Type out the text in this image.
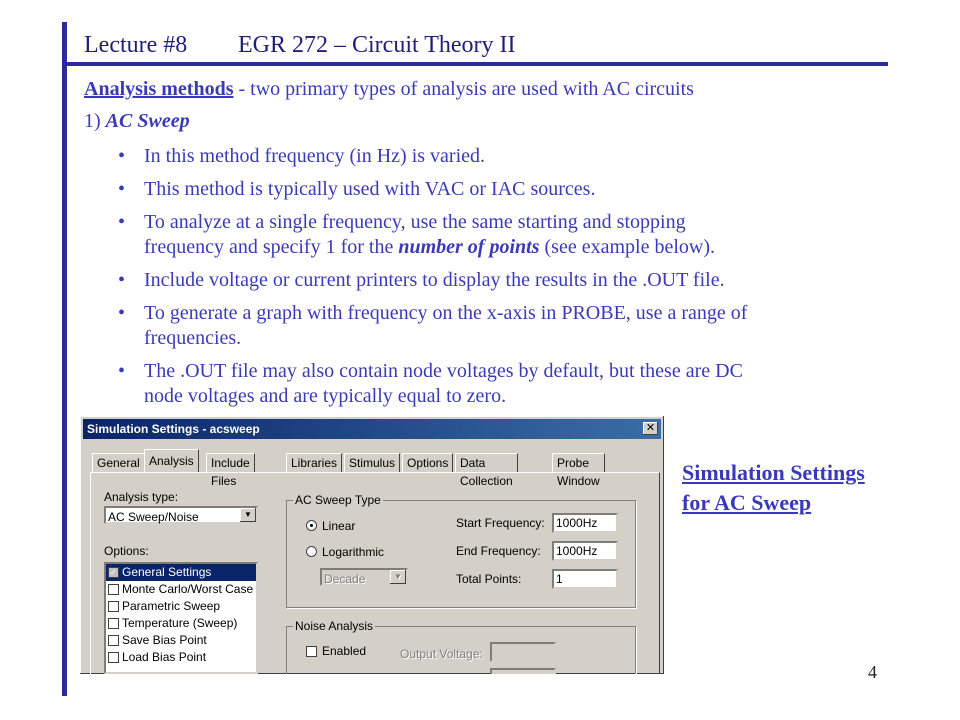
Lecture #8 EGR 272 – Circuit Theory II
Analysis methods - two primary types of analysis are used with AC circuits
1) AC Sweep
• In this method frequency (in Hz) is varied.
• This method is typically used with VAC or IAC sources.
• To analyze at a single frequency, use the same starting and stopping
frequency and specify 1 for the number of points (see example below).
• Include voltage or current printers to display the results in the .OUT file.
• To generate a graph with frequency on the x-axis in PROBE, use a range of
frequencies.
• The .OUT file may also contain node voltages by default, but these are DC
node voltages and are typically equal to zero.
Simulation Settings
for AC Sweep
Simulation Settings - acsweep	✕
General Analysis	Include Files
Libraries Stimulus Options Data Collection
Probe Window
Analysis type:
AC Sweep/Noise	▼
Options:
✓ General Settings
Monte Carlo/Worst Case
Parametric Sweep
Temperature (Sweep)
Save Bias Point
Load Bias Point
AC Sweep Type
Linear
Logarithmic
Decade	▼
Start Frequency: 1000Hz
End Frequency:	1000Hz
Total Points:	1
Noise Analysis
Enabled	Output Voltage:
4
